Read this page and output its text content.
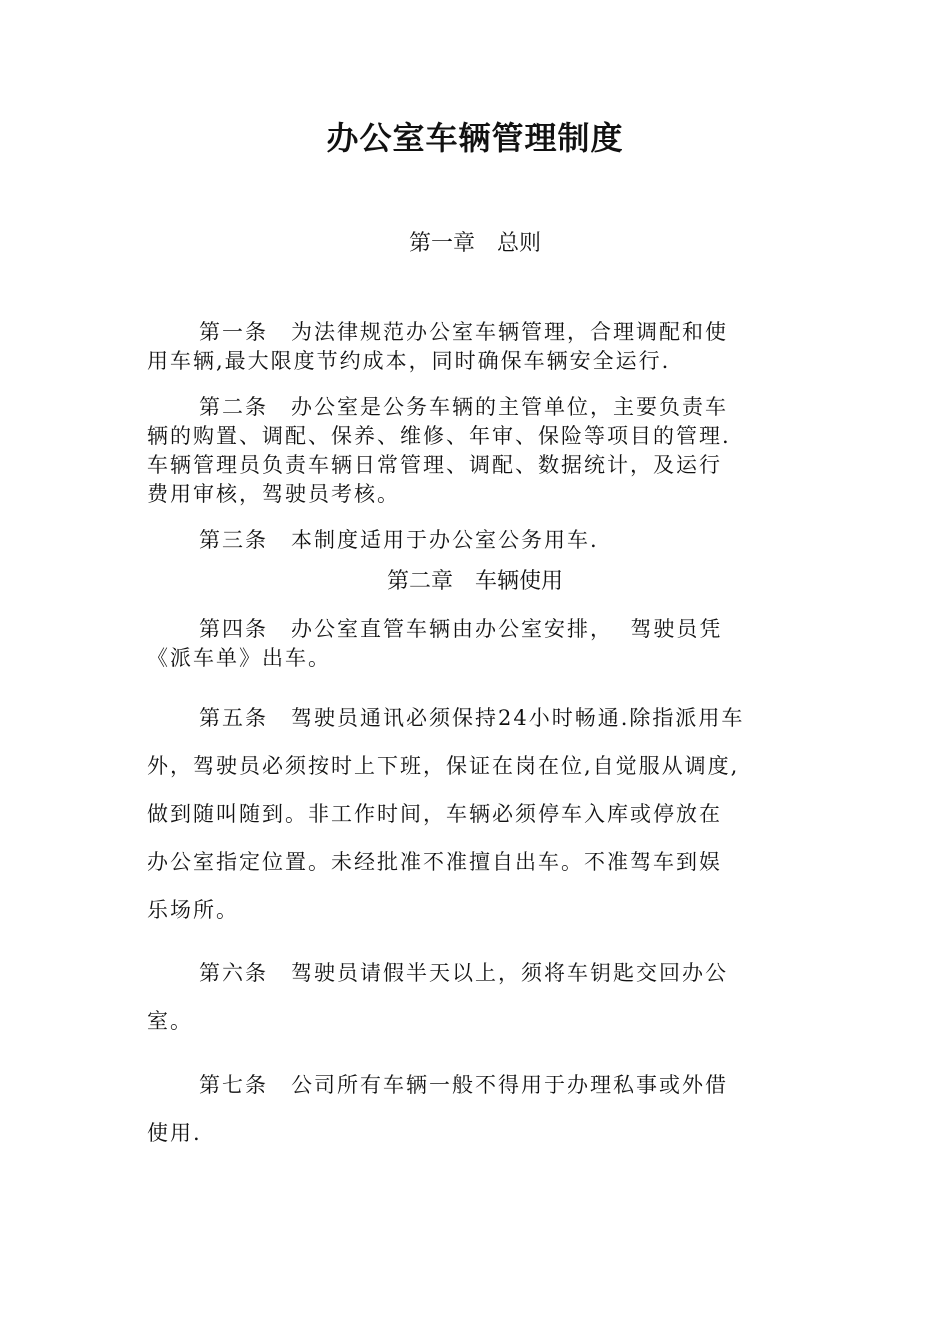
办公室车辆管理制度
第一章　总则
第一条　为法律规范办公室车辆管理，合理调配和使
用车辆,最大限度节约成本，同时确保车辆安全运行.
第二条　办公室是公务车辆的主管单位，主要负责车
辆的购置、调配、保养、维修、年审、保险等项目的管理.
车辆管理员负责车辆日常管理、调配、数据统计，及运行
费用审核，驾驶员考核。
第三条　本制度适用于办公室公务用车.
第二章　车辆使用
第四条　办公室直管车辆由办公室安排，  驾驶员凭
《派车单》出车。
第五条　驾驶员通讯必须保持24小时畅通.除指派用车
外，驾驶员必须按时上下班，保证在岗在位,自觉服从调度,
做到随叫随到。非工作时间，车辆必须停车入库或停放在
办公室指定位置。未经批准不准擅自出车。不准驾车到娱
乐场所。
第六条　驾驶员请假半天以上，须将车钥匙交回办公
室。
第七条　公司所有车辆一般不得用于办理私事或外借
使用.
